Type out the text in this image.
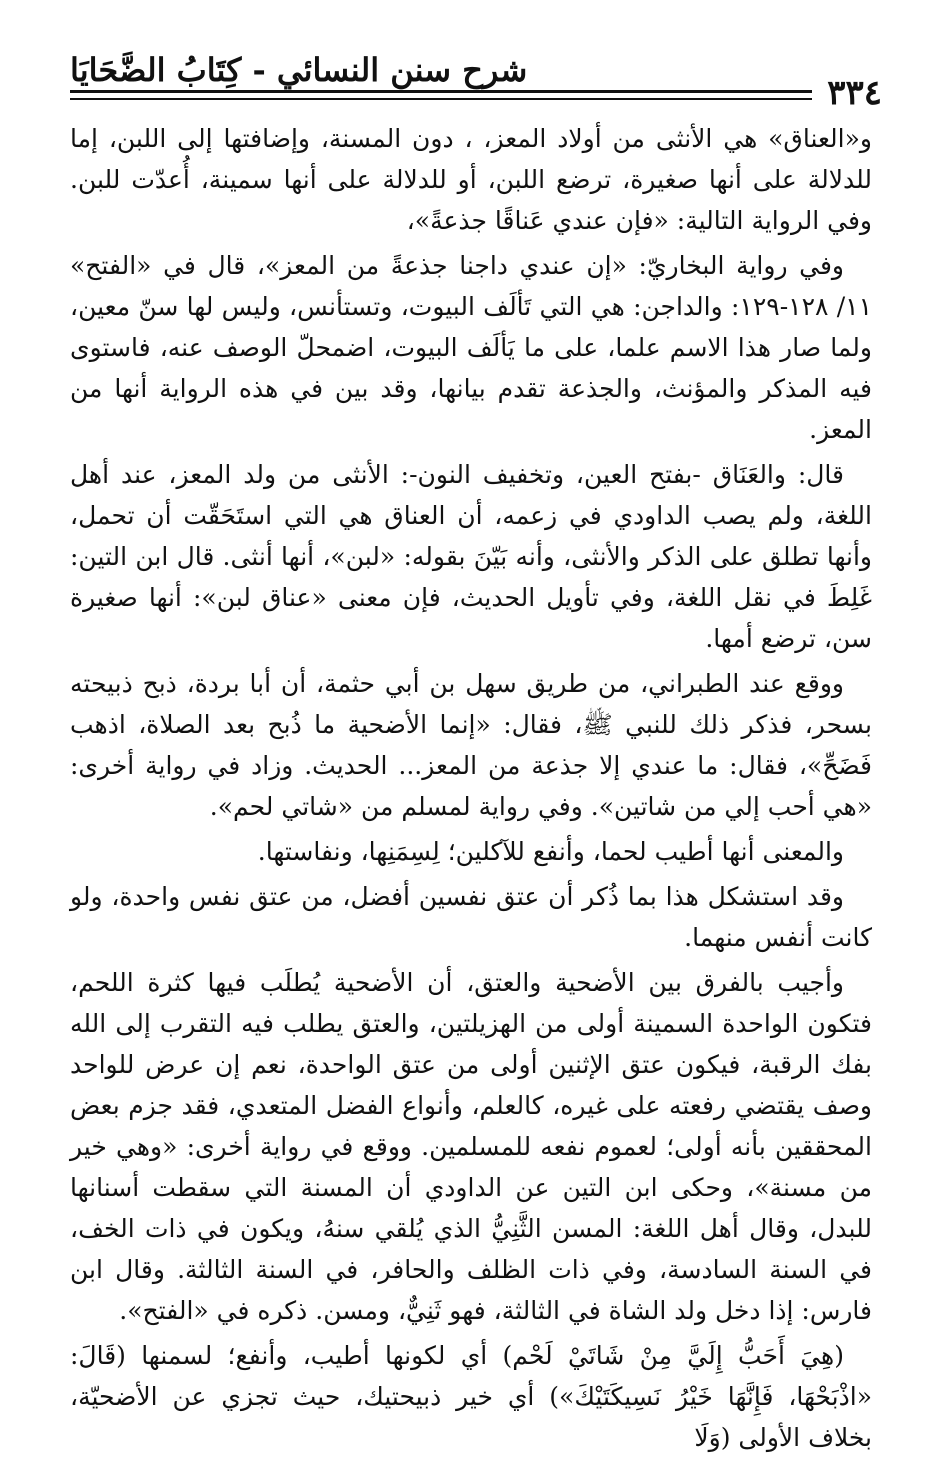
٣٣٤
شرح سنن النسائي - كِتَابُ الضَّحَايَا

و«العناق» هي الأنثى من أولاد المعز، ، دون المسنة، وإضافتها إلى اللبن، إما للدلالة على أنها صغيرة، ترضع اللبن، أو للدلالة على أنها سمينة، أُعدّت للبن. وفي الرواية التالية: «فإن عندي عَناقًا جذعةً»،

وفي رواية البخاريّ: «إن عندي داجنا جذعةً من المعز»، قال في «الفتح» ١١/ ١٢٨-١٢٩: والداجن: هي التي تَألَف البيوت، وتستأنس، وليس لها سنّ معين، ولما صار هذا الاسم علما، على ما يَألَف البيوت، اضمحلّ الوصف عنه، فاستوى فيه المذكر والمؤنث، والجذعة تقدم بيانها، وقد بين في هذه الرواية أنها من المعز.

قال: والعَنَاق -بفتح العين، وتخفيف النون-: الأنثى من ولد المعز، عند أهل اللغة، ولم يصب الداودي في زعمه، أن العناق هي التي استَحَقّت أن تحمل، وأنها تطلق على الذكر والأنثى، وأنه بَيّنَ بقوله: «لبن»، أنها أنثى. قال ابن التين: غَلِطَ في نقل اللغة، وفي تأويل الحديث، فإن معنى «عناق لبن»: أنها صغيرة سن، ترضع أمها.

ووقع عند الطبراني، من طريق سهل بن أبي حثمة، أن أبا بردة، ذبح ذبيحته بسحر، فذكر ذلك للنبي ﷺ، فقال: «إنما الأضحية ما ذُبح بعد الصلاة، اذهب فَضَحِّ»، فقال: ما عندي إلا جذعة من المعز... الحديث. وزاد في رواية أخرى: «هي أحب إلي من شاتين». وفي رواية لمسلم من «شاتي لحم».

والمعنى أنها أطيب لحما، وأنفع للآكلين؛ لِسِمَنِها، ونفاستها.

وقد استشكل هذا بما ذُكر أن عتق نفسين أفضل، من عتق نفس واحدة، ولو كانت أنفس منهما.

وأجيب بالفرق بين الأضحية والعتق، أن الأضحية يُطلَب فيها كثرة اللحم، فتكون الواحدة السمينة أولى من الهزيلتين، والعتق يطلب فيه التقرب إلى الله بفك الرقبة، فيكون عتق الإثنين أولى من عتق الواحدة، نعم إن عرض للواحد وصف يقتضي رفعته على غيره، كالعلم، وأنواع الفضل المتعدي، فقد جزم بعض المحققين بأنه أولى؛ لعموم نفعه للمسلمين. ووقع في رواية أخرى: «وهي خير من مسنة»، وحكى ابن التين عن الداودي أن المسنة التي سقطت أسنانها للبدل، وقال أهل اللغة: المسن الثَّنِيُّ الذي يُلقي سنهُ، ويكون في ذات الخف، في السنة السادسة، وفي ذات الظلف والحافر، في السنة الثالثة. وقال ابن فارس: إذا دخل ولد الشاة في الثالثة، فهو ثَنِيٌّ، ومسن. ذكره في «الفتح».

(هِيَ أَحَبُّ إِلَيَّ مِنْ شَاتَيْ لَحْم) أي لكونها أطيب، وأنفع؛ لسمنها (قَالَ: «اذْبَحْهَا، فَإِنَّهَا خَيْرُ نَسِيكَتَيْكَ») أي خير ذبيحتيك، حيث تجزي عن الأضحيّة، بخلاف الأولى (وَلَا
